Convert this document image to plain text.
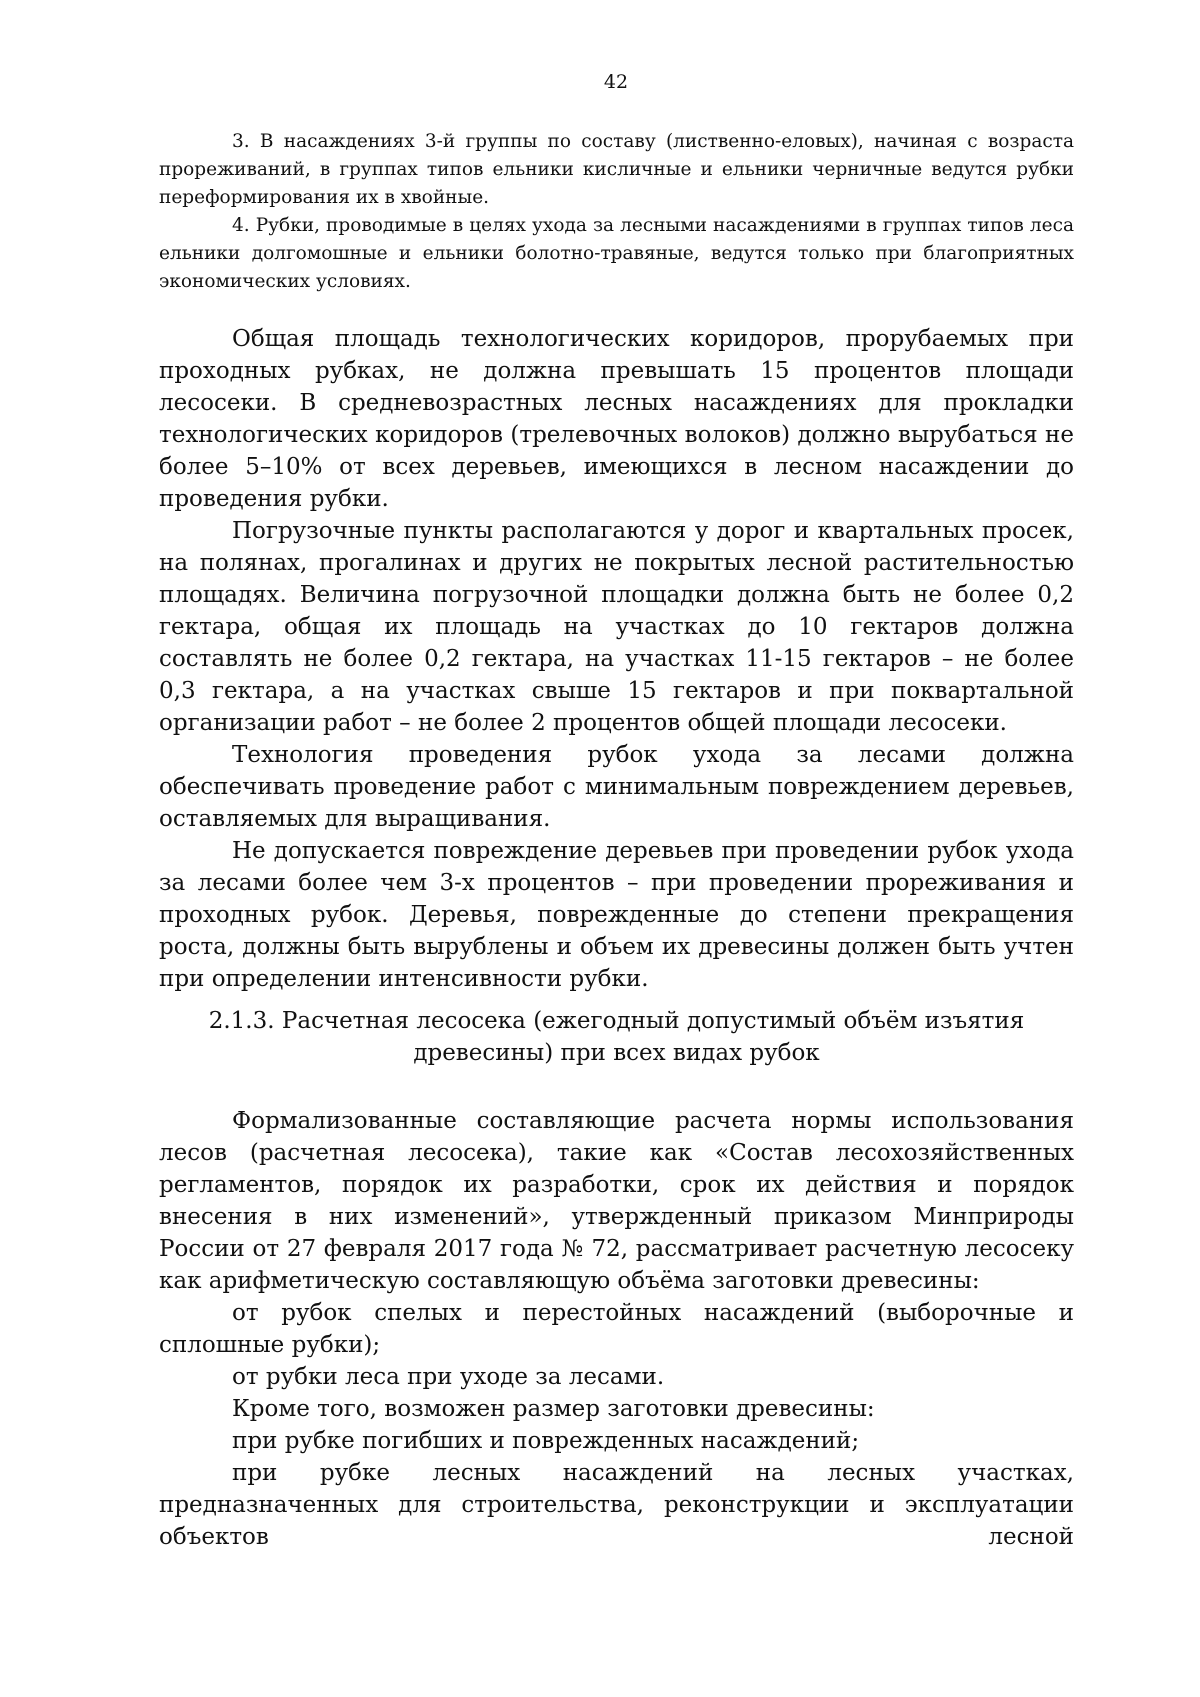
42

3. В насаждениях 3-й группы по составу (лиственно-еловых), начиная с возраста прореживаний, в группах типов ельники кисличные и ельники черничные ведутся рубки переформирования их в хвойные.

4. Рубки, проводимые в целях ухода за лесными насаждениями в группах типов леса ельники долгомошные и ельники болотно-травяные, ведутся только при благоприятных экономических условиях.

Общая площадь технологических коридоров, прорубаемых при проходных рубках, не должна превышать 15 процентов площади лесосеки. В средневозрастных лесных насаждениях для прокладки технологических коридоров (трелевочных волоков) должно вырубаться не более 5–10% от всех деревьев, имеющихся в лесном насаждении до проведения рубки.

Погрузочные пункты располагаются у дорог и квартальных просек, на полянах, прогалинах и других не покрытых лесной растительностью площадях. Величина погрузочной площадки должна быть не более 0,2 гектара, общая их площадь на участках до 10 гектаров должна составлять не более 0,2 гектара, на участках 11-15 гектаров – не более 0,3 гектара, а на участках свыше 15 гектаров и при поквартальной организации работ – не более 2 процентов общей площади лесосеки.

Технология проведения рубок ухода за лесами должна обеспечивать проведение работ с минимальным повреждением деревьев, оставляемых для выращивания.

Не допускается повреждение деревьев при проведении рубок ухода за лесами более чем 3-х процентов – при проведении прореживания и проходных рубок. Деревья, поврежденные до степени прекращения роста, должны быть вырублены и объем их древесины должен быть учтен при определении интенсивности рубки.

2.1.3. Расчетная лесосека (ежегодный допустимый объём изъятия
древесины) при всех видах рубок

Формализованные составляющие расчета нормы использования лесов (расчетная лесосека), такие как «Состав лесохозяйственных регламентов, порядок их разработки, срок их действия и порядок внесения в них изменений», утвержденный приказом Минприроды России от 27 февраля 2017 года № 72, рассматривает расчетную лесосеку как арифметическую составляющую объёма заготовки древесины:

от рубок спелых и перестойных насаждений (выборочные и сплошные рубки);

от рубки леса при уходе за лесами.

Кроме того, возможен размер заготовки древесины:

при рубке погибших и поврежденных насаждений;

при рубке лесных насаждений на лесных участках, предназначенных для строительства, реконструкции и эксплуатации объектов лесной
